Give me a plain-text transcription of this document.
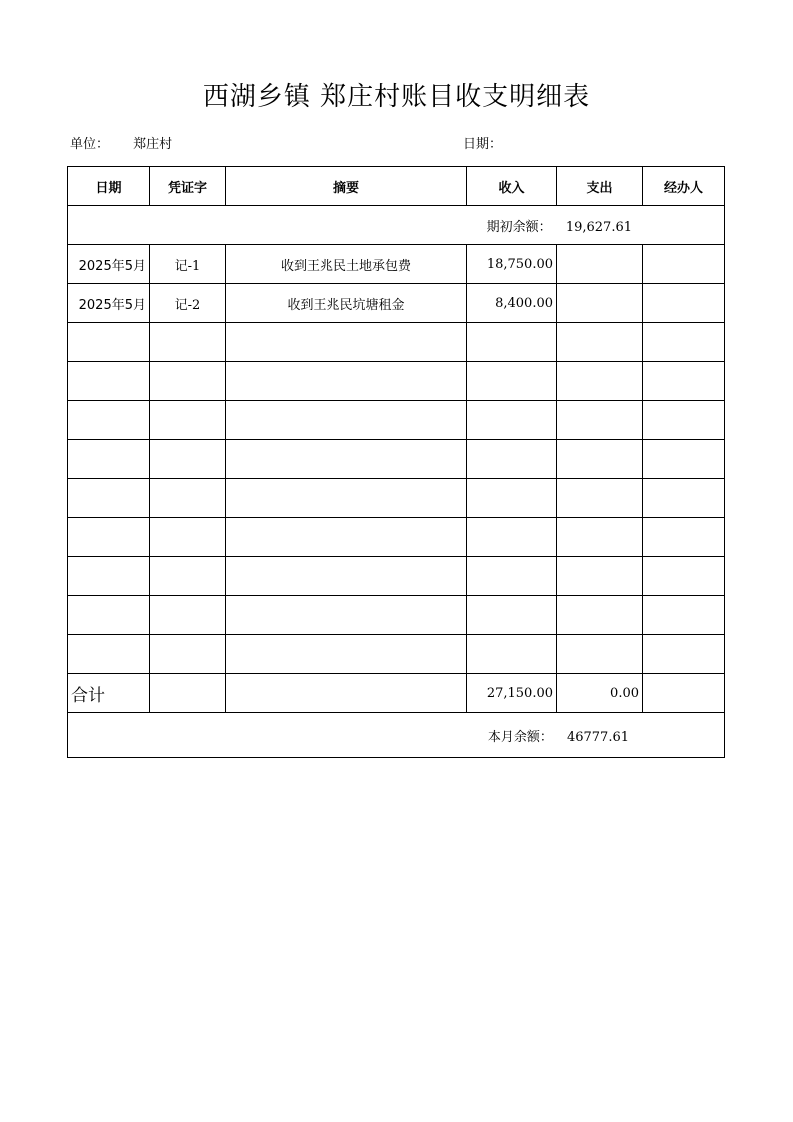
西湖乡镇 郑庄村账目收支明细表
单位： 郑庄村	日期：
日期	凭证字	摘要	收入	支出	经办人
期初余额： 19,627.61					
2025年5月	记-1	收到王兆民土地承包费	18,750.00		
2025年5月	记-2	收到王兆民坑塘租金	8,400.00		

合计			27,150.00	0.00	
本月余额： 46777.61					
